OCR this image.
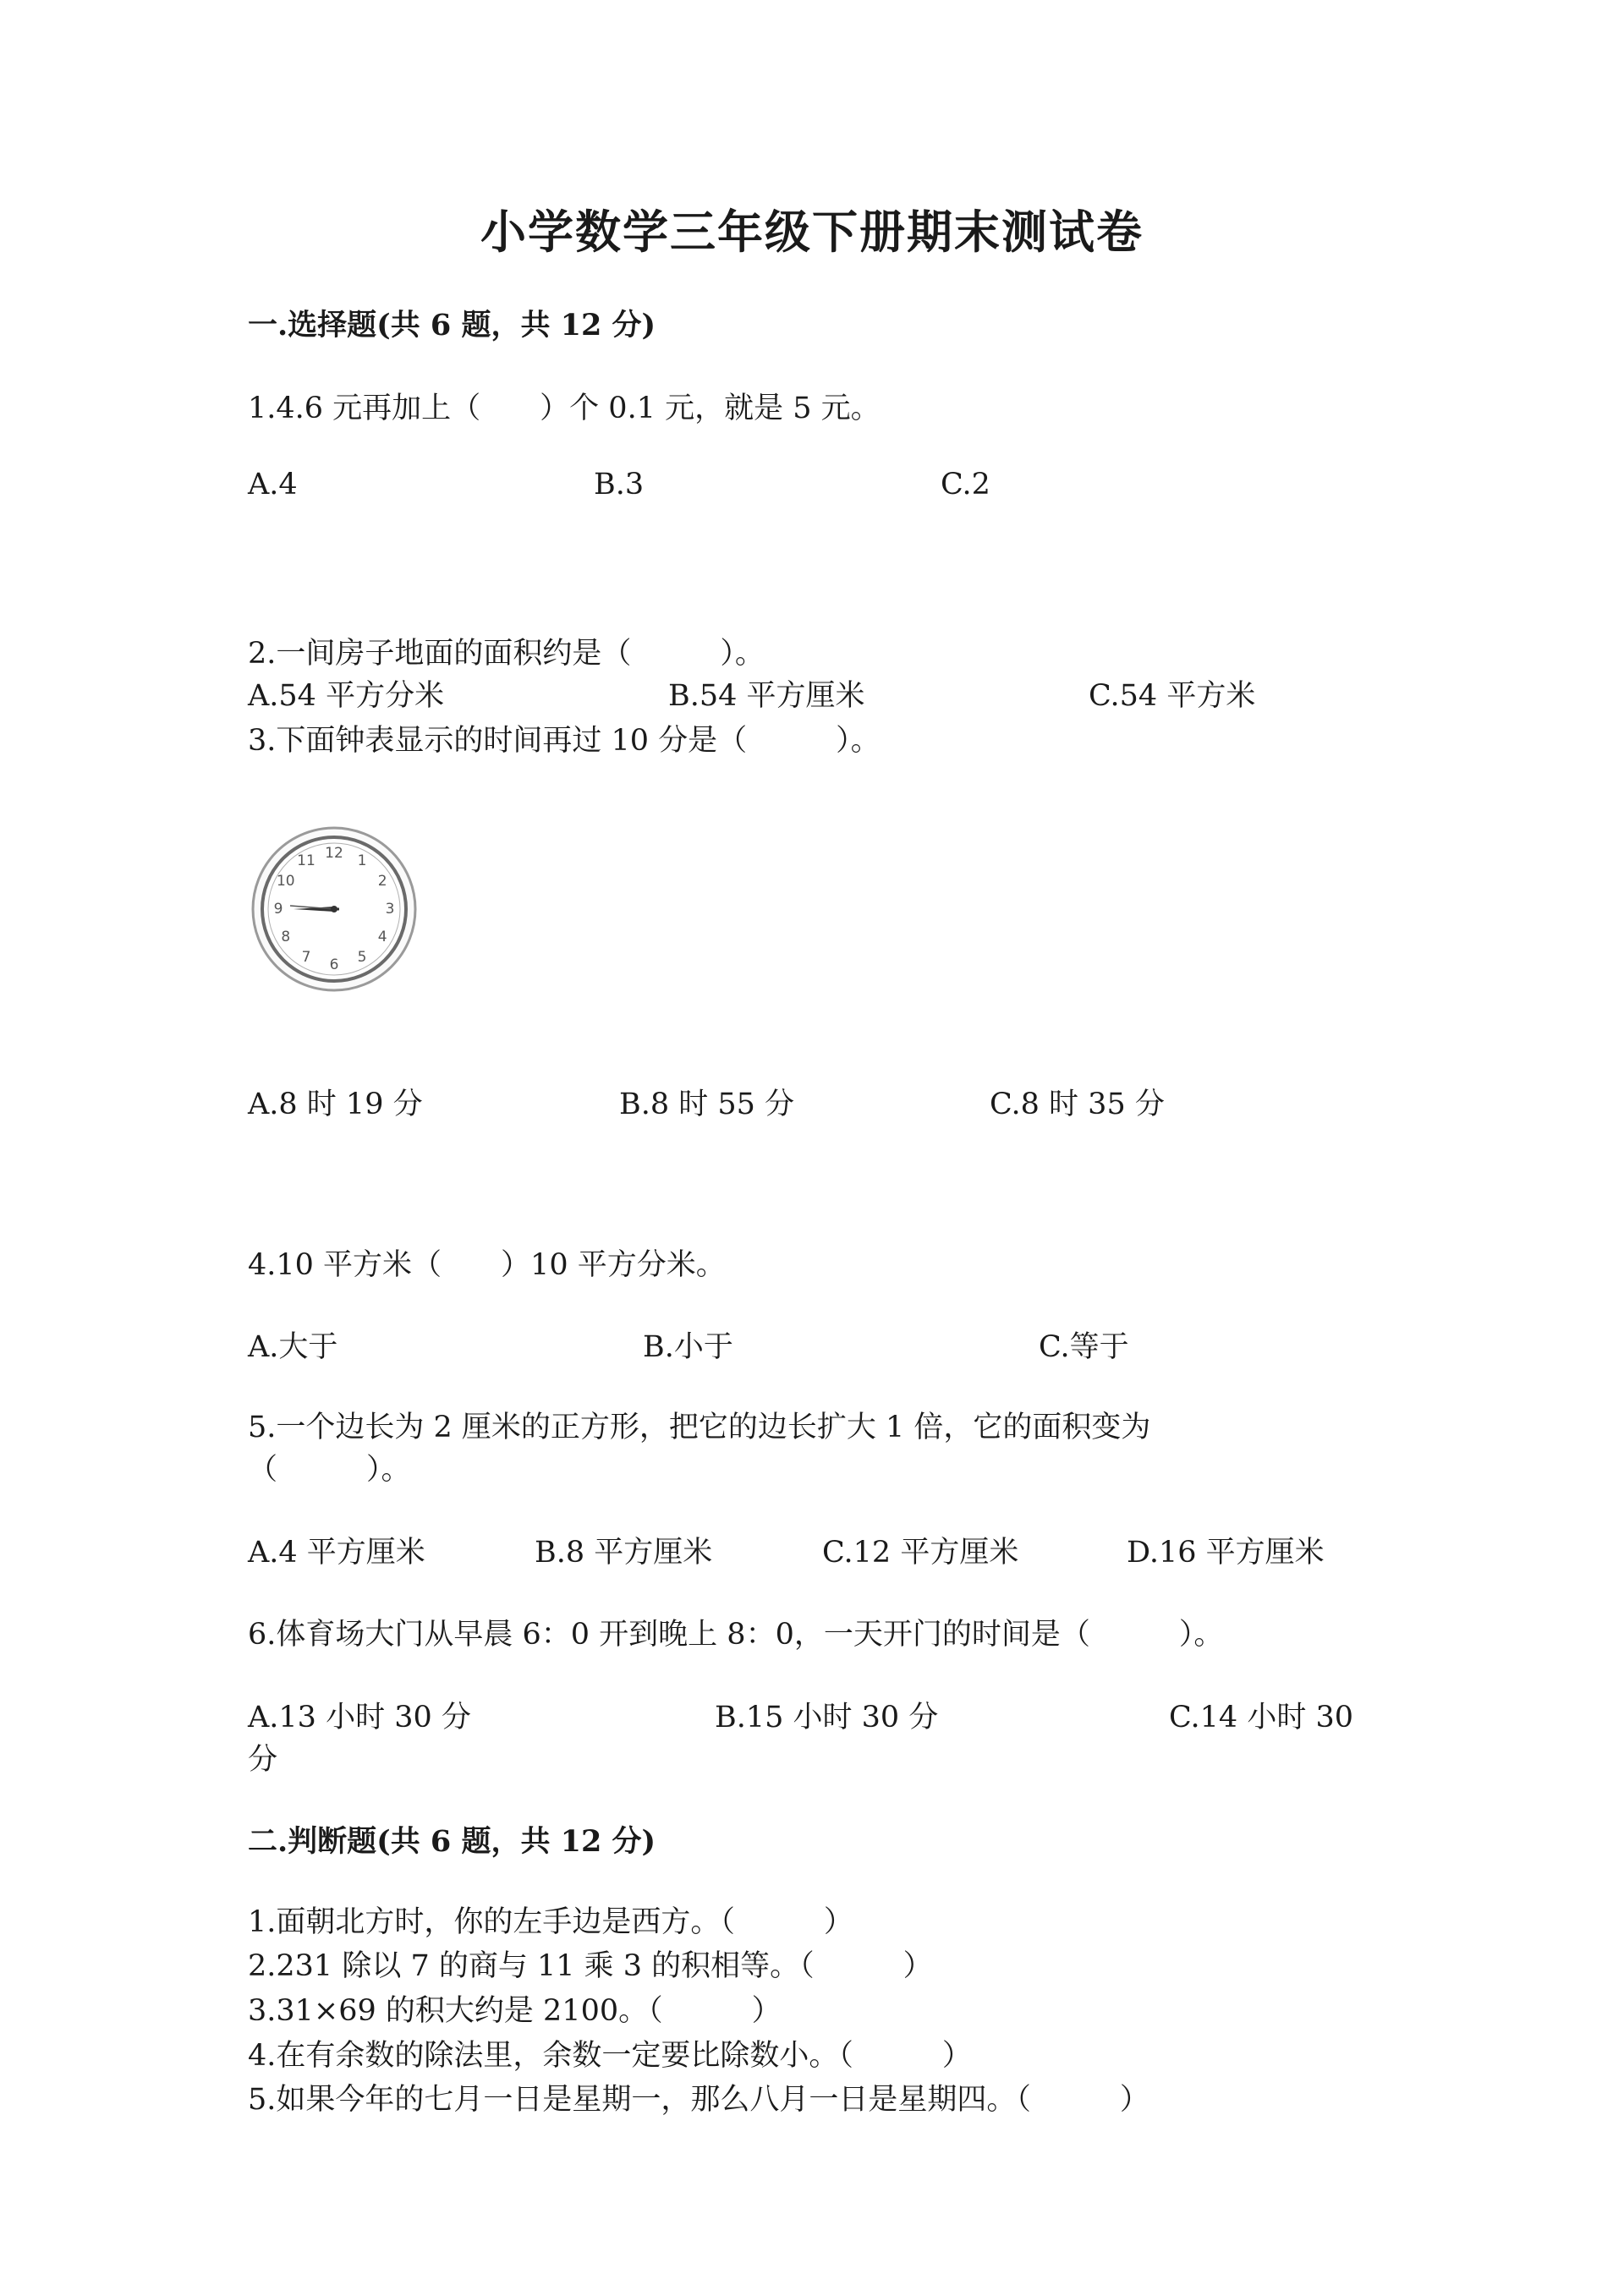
小学数学三年级下册期末测试卷
一.选择题(共 6 题，共 12 分)
1.4.6 元再加上（　　）个 0.1 元，就是 5 元。
A.4	B.3	C.2
2.一间房子地面的面积约是（　　　）。
A.54 平方分米	B.54 平方厘米	C.54 平方米
3.下面钟表显示的时间再过 10 分是（　　　）。
12 1
2
3
4
5
6
7
8
9
10
11
A.8 时 19 分	B.8 时 55 分	C.8 时 35 分
4.10 平方米（　　）10 平方分米。
A.大于	B.小于	C.等于
5.一个边长为 2 厘米的正方形，把它的边长扩大 1 倍，它的面积变为
（　　　）。
A.4 平方厘米	B.8 平方厘米	C.12 平方厘米	D.16 平方厘米
6.体育场大门从早晨 6：0 开到晚上 8：0，一天开门的时间是（　　　）。
A.13 小时 30 分	B.15 小时 30 分	C.14 小时 30
分
二.判断题(共 6 题，共 12 分)
1.面朝北方时，你的左手边是西方。（　　　）
2.231 除以 7 的商与 11 乘 3 的积相等。（　　　）
3.31×69 的积大约是 2100。（　　　）
4.在有余数的除法里，余数一定要比除数小。（　　　）
5.如果今年的七月一日是星期一，那么八月一日是星期四。（　　　）
